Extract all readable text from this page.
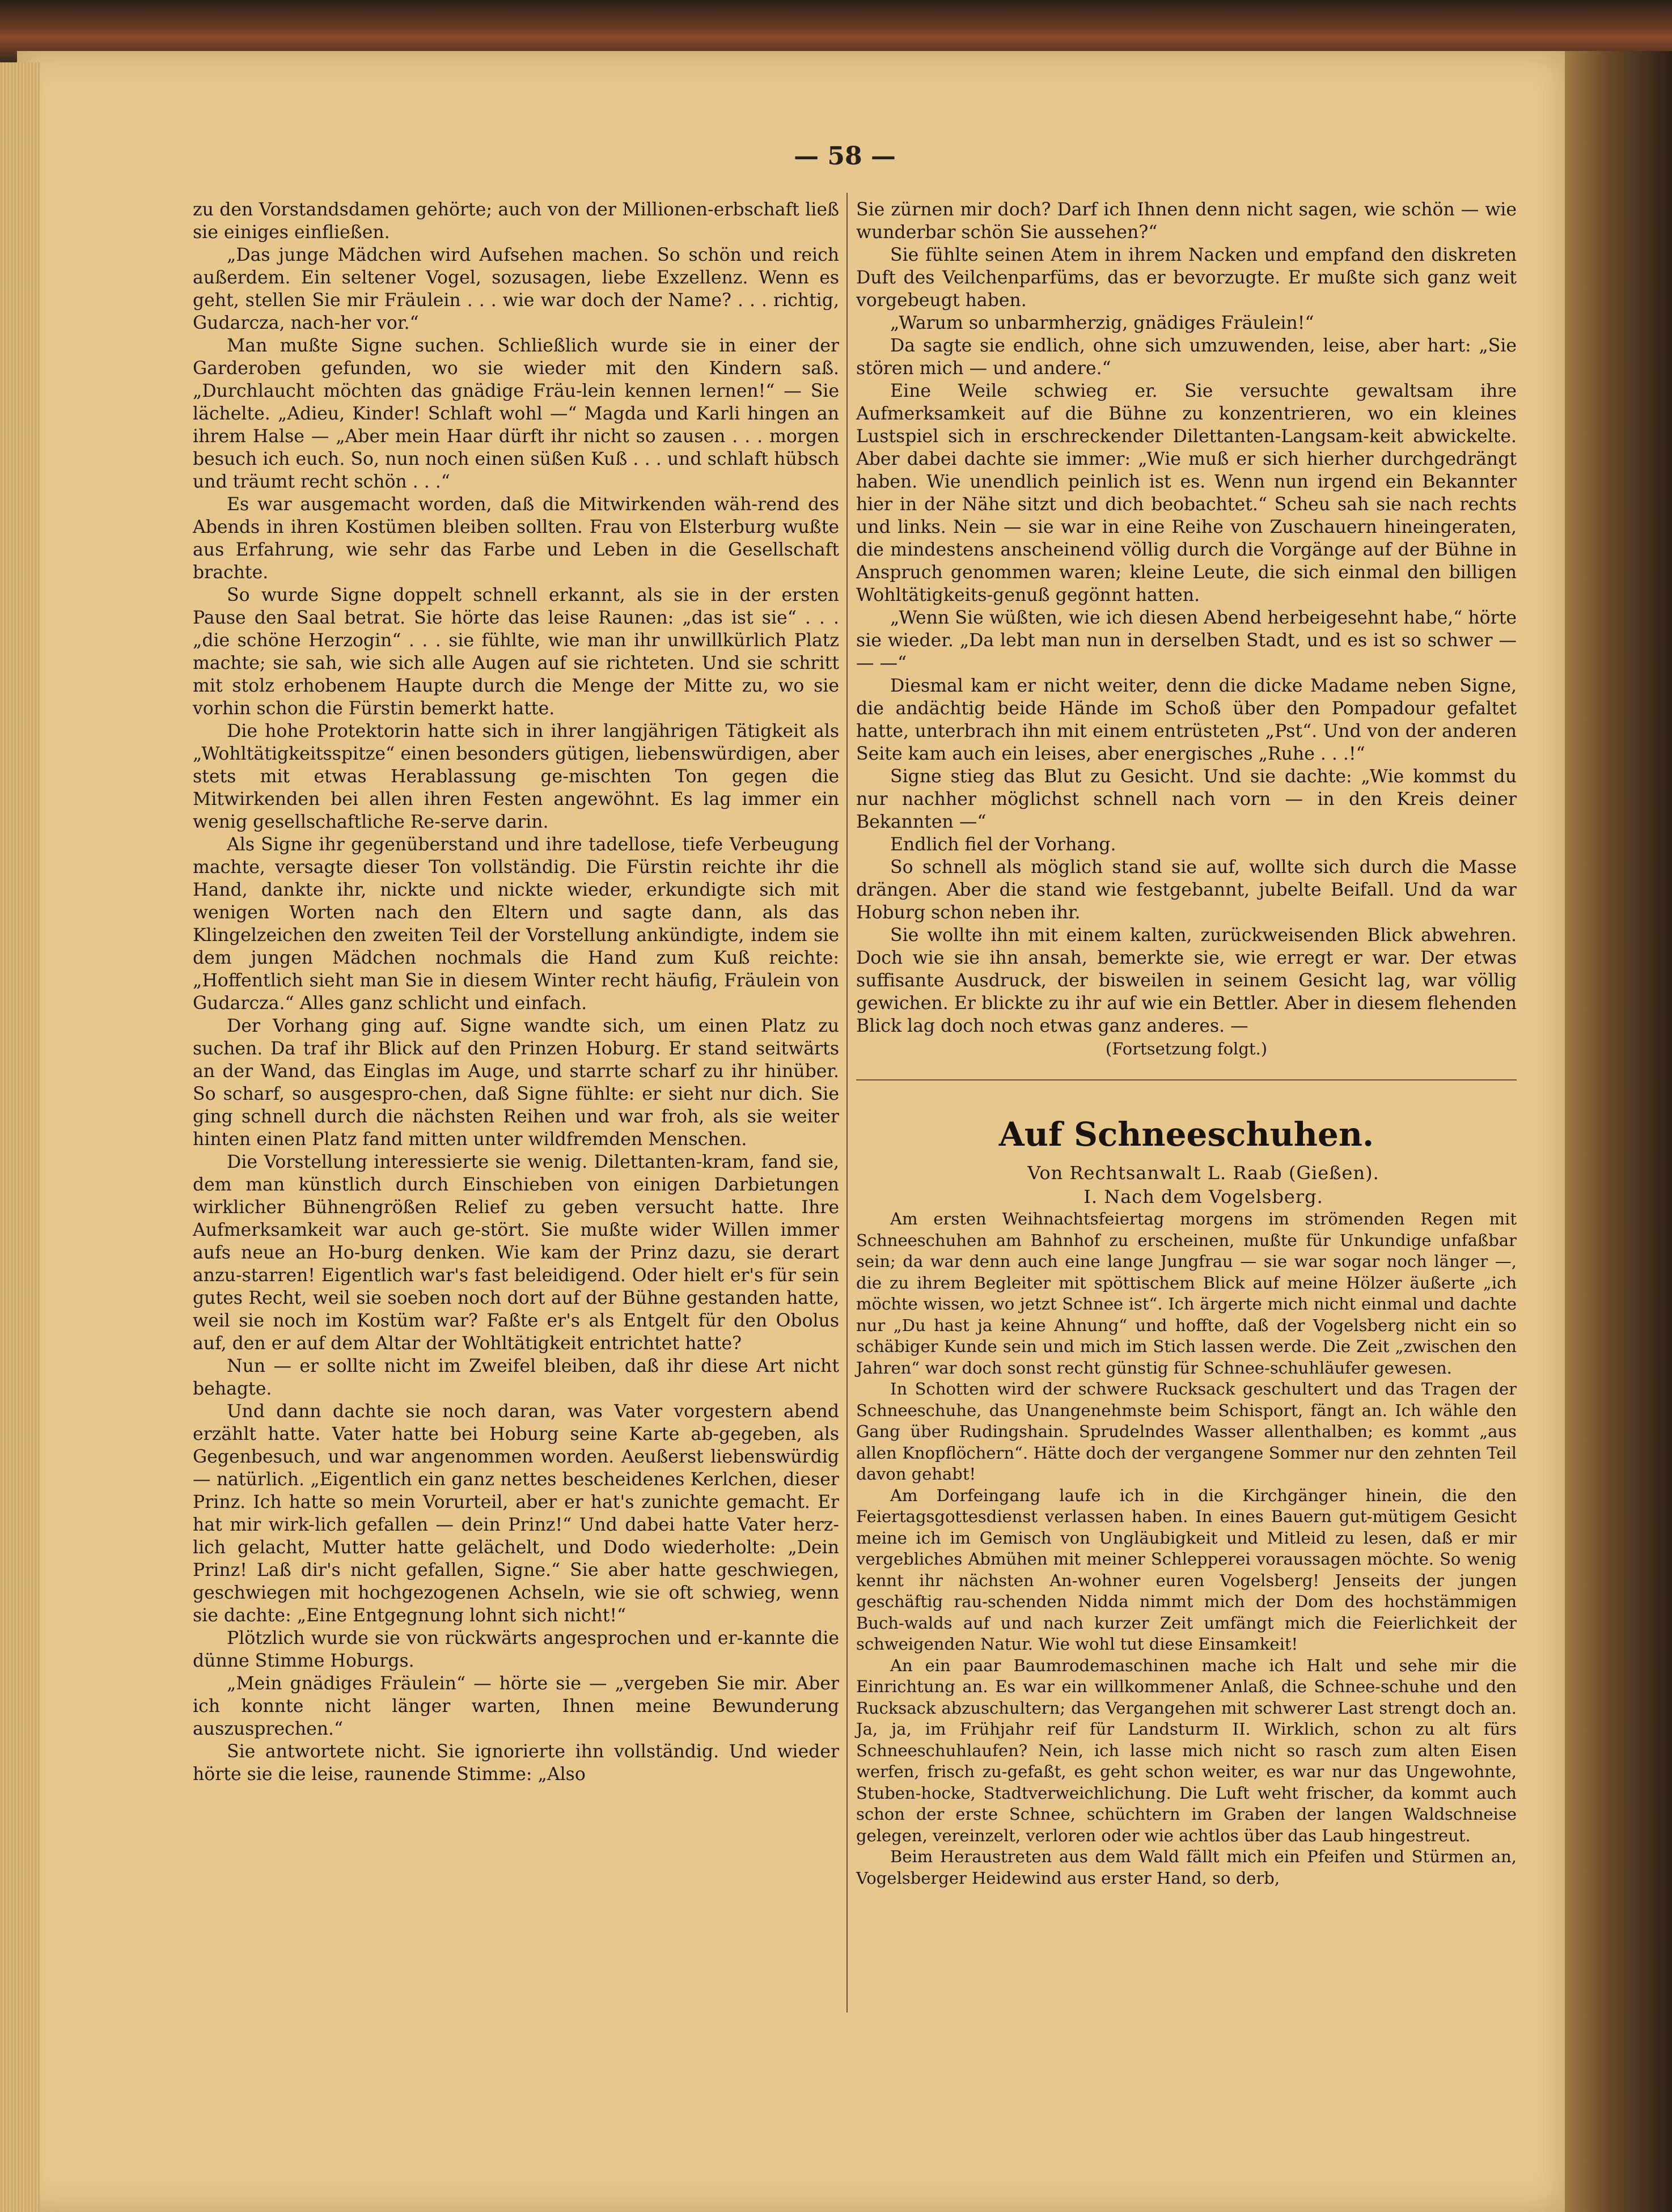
— 58 —

zu den Vorstandsdamen gehörte; auch von der Millionen-erbschaft ließ sie einiges einfließen.

„Das junge Mädchen wird Aufsehen machen. So schön und reich außerdem. Ein seltener Vogel, sozusagen, liebe Exzellenz. Wenn es geht, stellen Sie mir Fräulein . . . wie war doch der Name? . . . richtig, Gudarcza, nach-her vor.“

Man mußte Signe suchen. Schließlich wurde sie in einer der Garderoben gefunden, wo sie wieder mit den Kindern saß. „Durchlaucht möchten das gnädige Fräu-lein kennen lernen!“ — Sie lächelte. „Adieu, Kinder! Schlaft wohl —“ Magda und Karli hingen an ihrem Halse — „Aber mein Haar dürft ihr nicht so zausen . . . morgen besuch ich euch. So, nun noch einen süßen Kuß . . . und schlaft hübsch und träumt recht schön . . .“

Es war ausgemacht worden, daß die Mitwirkenden wäh-rend des Abends in ihren Kostümen bleiben sollten. Frau von Elsterburg wußte aus Erfahrung, wie sehr das Farbe und Leben in die Gesellschaft brachte.

So wurde Signe doppelt schnell erkannt, als sie in der ersten Pause den Saal betrat. Sie hörte das leise Raunen: „das ist sie“ . . . „die schöne Herzogin“ . . . sie fühlte, wie man ihr unwillkürlich Platz machte; sie sah, wie sich alle Augen auf sie richteten. Und sie schritt mit stolz erhobenem Haupte durch die Menge der Mitte zu, wo sie vorhin schon die Fürstin bemerkt hatte.

Die hohe Protektorin hatte sich in ihrer langjährigen Tätigkeit als „Wohltätigkeitsspitze“ einen besonders gütigen, liebenswürdigen, aber stets mit etwas Herablassung ge-mischten Ton gegen die Mitwirkenden bei allen ihren Festen angewöhnt. Es lag immer ein wenig gesellschaftliche Re-serve darin.

Als Signe ihr gegenüberstand und ihre tadellose, tiefe Verbeugung machte, versagte dieser Ton vollständig. Die Fürstin reichte ihr die Hand, dankte ihr, nickte und nickte wieder, erkundigte sich mit wenigen Worten nach den Eltern und sagte dann, als das Klingelzeichen den zweiten Teil der Vorstellung ankündigte, indem sie dem jungen Mädchen nochmals die Hand zum Kuß reichte: „Hoffentlich sieht man Sie in diesem Winter recht häufig, Fräulein von Gudarcza.“ Alles ganz schlicht und einfach.

Der Vorhang ging auf. Signe wandte sich, um einen Platz zu suchen. Da traf ihr Blick auf den Prinzen Hoburg. Er stand seitwärts an der Wand, das Einglas im Auge, und starrte scharf zu ihr hinüber. So scharf, so ausgespro-chen, daß Signe fühlte: er sieht nur dich. Sie ging schnell durch die nächsten Reihen und war froh, als sie weiter hinten einen Platz fand mitten unter wildfremden Menschen.

Die Vorstellung interessierte sie wenig. Dilettanten-kram, fand sie, dem man künstlich durch Einschieben von einigen Darbietungen wirklicher Bühnengrößen Relief zu geben versucht hatte. Ihre Aufmerksamkeit war auch ge-stört. Sie mußte wider Willen immer aufs neue an Ho-burg denken. Wie kam der Prinz dazu, sie derart anzu-starren! Eigentlich war's fast beleidigend. Oder hielt er's für sein gutes Recht, weil sie soeben noch dort auf der Bühne gestanden hatte, weil sie noch im Kostüm war? Faßte er's als Entgelt für den Obolus auf, den er auf dem Altar der Wohltätigkeit entrichtet hatte?

Nun — er sollte nicht im Zweifel bleiben, daß ihr diese Art nicht behagte.

Und dann dachte sie noch daran, was Vater vorgestern abend erzählt hatte. Vater hatte bei Hoburg seine Karte ab-gegeben, als Gegenbesuch, und war angenommen worden. Aeußerst liebenswürdig — natürlich. „Eigentlich ein ganz nettes bescheidenes Kerlchen, dieser Prinz. Ich hatte so mein Vorurteil, aber er hat's zunichte gemacht. Er hat mir wirk-lich gefallen — dein Prinz!“ Und dabei hatte Vater herz-lich gelacht, Mutter hatte gelächelt, und Dodo wiederholte: „Dein Prinz! Laß dir's nicht gefallen, Signe.“ Sie aber hatte geschwiegen, geschwiegen mit hochgezogenen Achseln, wie sie oft schwieg, wenn sie dachte: „Eine Entgegnung lohnt sich nicht!“

Plötzlich wurde sie von rückwärts angesprochen und er-kannte die dünne Stimme Hoburgs.

„Mein gnädiges Fräulein“ — hörte sie — „vergeben Sie mir. Aber ich konnte nicht länger warten, Ihnen meine Bewunderung auszusprechen.“

Sie antwortete nicht. Sie ignorierte ihn vollständig. Und wieder hörte sie die leise, raunende Stimme: „Also

Sie zürnen mir doch? Darf ich Ihnen denn nicht sagen, wie schön — wie wunderbar schön Sie aussehen?“

Sie fühlte seinen Atem in ihrem Nacken und empfand den diskreten Duft des Veilchenparfüms, das er bevorzugte. Er mußte sich ganz weit vorgebeugt haben.

„Warum so unbarmherzig, gnädiges Fräulein!“

Da sagte sie endlich, ohne sich umzuwenden, leise, aber hart: „Sie stören mich — und andere.“

Eine Weile schwieg er. Sie versuchte gewaltsam ihre Aufmerksamkeit auf die Bühne zu konzentrieren, wo ein kleines Lustspiel sich in erschreckender Dilettanten-Langsam-keit abwickelte. Aber dabei dachte sie immer: „Wie muß er sich hierher durchgedrängt haben. Wie unendlich peinlich ist es. Wenn nun irgend ein Bekannter hier in der Nähe sitzt und dich beobachtet.“ Scheu sah sie nach rechts und links. Nein — sie war in eine Reihe von Zuschauern hineingeraten, die mindestens anscheinend völlig durch die Vorgänge auf der Bühne in Anspruch genommen waren; kleine Leute, die sich einmal den billigen Wohltätigkeits-genuß gegönnt hatten.

„Wenn Sie wüßten, wie ich diesen Abend herbeigesehnt habe,“ hörte sie wieder. „Da lebt man nun in derselben Stadt, und es ist so schwer — — —“

Diesmal kam er nicht weiter, denn die dicke Madame neben Signe, die andächtig beide Hände im Schoß über den Pompadour gefaltet hatte, unterbrach ihn mit einem entrüsteten „Pst“. Und von der anderen Seite kam auch ein leises, aber energisches „Ruhe . . .!“

Signe stieg das Blut zu Gesicht. Und sie dachte: „Wie kommst du nur nachher möglichst schnell nach vorn — in den Kreis deiner Bekannten —“

Endlich fiel der Vorhang.

So schnell als möglich stand sie auf, wollte sich durch die Masse drängen. Aber die stand wie festgebannt, jubelte Beifall. Und da war Hoburg schon neben ihr.

Sie wollte ihn mit einem kalten, zurückweisenden Blick abwehren. Doch wie sie ihn ansah, bemerkte sie, wie erregt er war. Der etwas suffisante Ausdruck, der bisweilen in seinem Gesicht lag, war völlig gewichen. Er blickte zu ihr auf wie ein Bettler. Aber in diesem flehenden Blick lag doch noch etwas ganz anderes. —

(Fortsetzung folgt.)

Auf Schneeschuhen.

Von Rechtsanwalt L. Raab (Gießen).

I. Nach dem Vogelsberg.

Am ersten Weihnachtsfeiertag morgens im strömenden Regen mit Schneeschuhen am Bahnhof zu erscheinen, mußte für Unkundige unfaßbar sein; da war denn auch eine lange Jungfrau — sie war sogar noch länger —, die zu ihrem Begleiter mit spöttischem Blick auf meine Hölzer äußerte „ich möchte wissen, wo jetzt Schnee ist“. Ich ärgerte mich nicht einmal und dachte nur „Du hast ja keine Ahnung“ und hoffte, daß der Vogelsberg nicht ein so schäbiger Kunde sein und mich im Stich lassen werde. Die Zeit „zwischen den Jahren“ war doch sonst recht günstig für Schnee-schuhläufer gewesen.

In Schotten wird der schwere Rucksack geschultert und das Tragen der Schneeschuhe, das Unangenehmste beim Schisport, fängt an. Ich wähle den Gang über Rudingshain. Sprudelndes Wasser allenthalben; es kommt „aus allen Knopflöchern“. Hätte doch der vergangene Sommer nur den zehnten Teil davon gehabt!

Am Dorfeingang laufe ich in die Kirchgänger hinein, die den Feiertagsgottesdienst verlassen haben. In eines Bauern gut-mütigem Gesicht meine ich im Gemisch von Ungläubigkeit und Mitleid zu lesen, daß er mir vergebliches Abmühen mit meiner Schlepperei voraussagen möchte. So wenig kennt ihr nächsten An-wohner euren Vogelsberg! Jenseits der jungen geschäftig rau-schenden Nidda nimmt mich der Dom des hochstämmigen Buch-walds auf und nach kurzer Zeit umfängt mich die Feierlichkeit der schweigenden Natur. Wie wohl tut diese Einsamkeit!

An ein paar Baumrodemaschinen mache ich Halt und sehe mir die Einrichtung an. Es war ein willkommener Anlaß, die Schnee-schuhe und den Rucksack abzuschultern; das Vergangehen mit schwerer Last strengt doch an. Ja, ja, im Frühjahr reif für Landsturm II. Wirklich, schon zu alt fürs Schneeschuhlaufen? Nein, ich lasse mich nicht so rasch zum alten Eisen werfen, frisch zu-gefaßt, es geht schon weiter, es war nur das Ungewohnte, Stuben-hocke, Stadtverweichlichung. Die Luft weht frischer, da kommt auch schon der erste Schnee, schüchtern im Graben der langen Waldschneise gelegen, vereinzelt, verloren oder wie achtlos über das Laub hingestreut.

Beim Heraustreten aus dem Wald fällt mich ein Pfeifen und Stürmen an, Vogelsberger Heidewind aus erster Hand, so derb,
